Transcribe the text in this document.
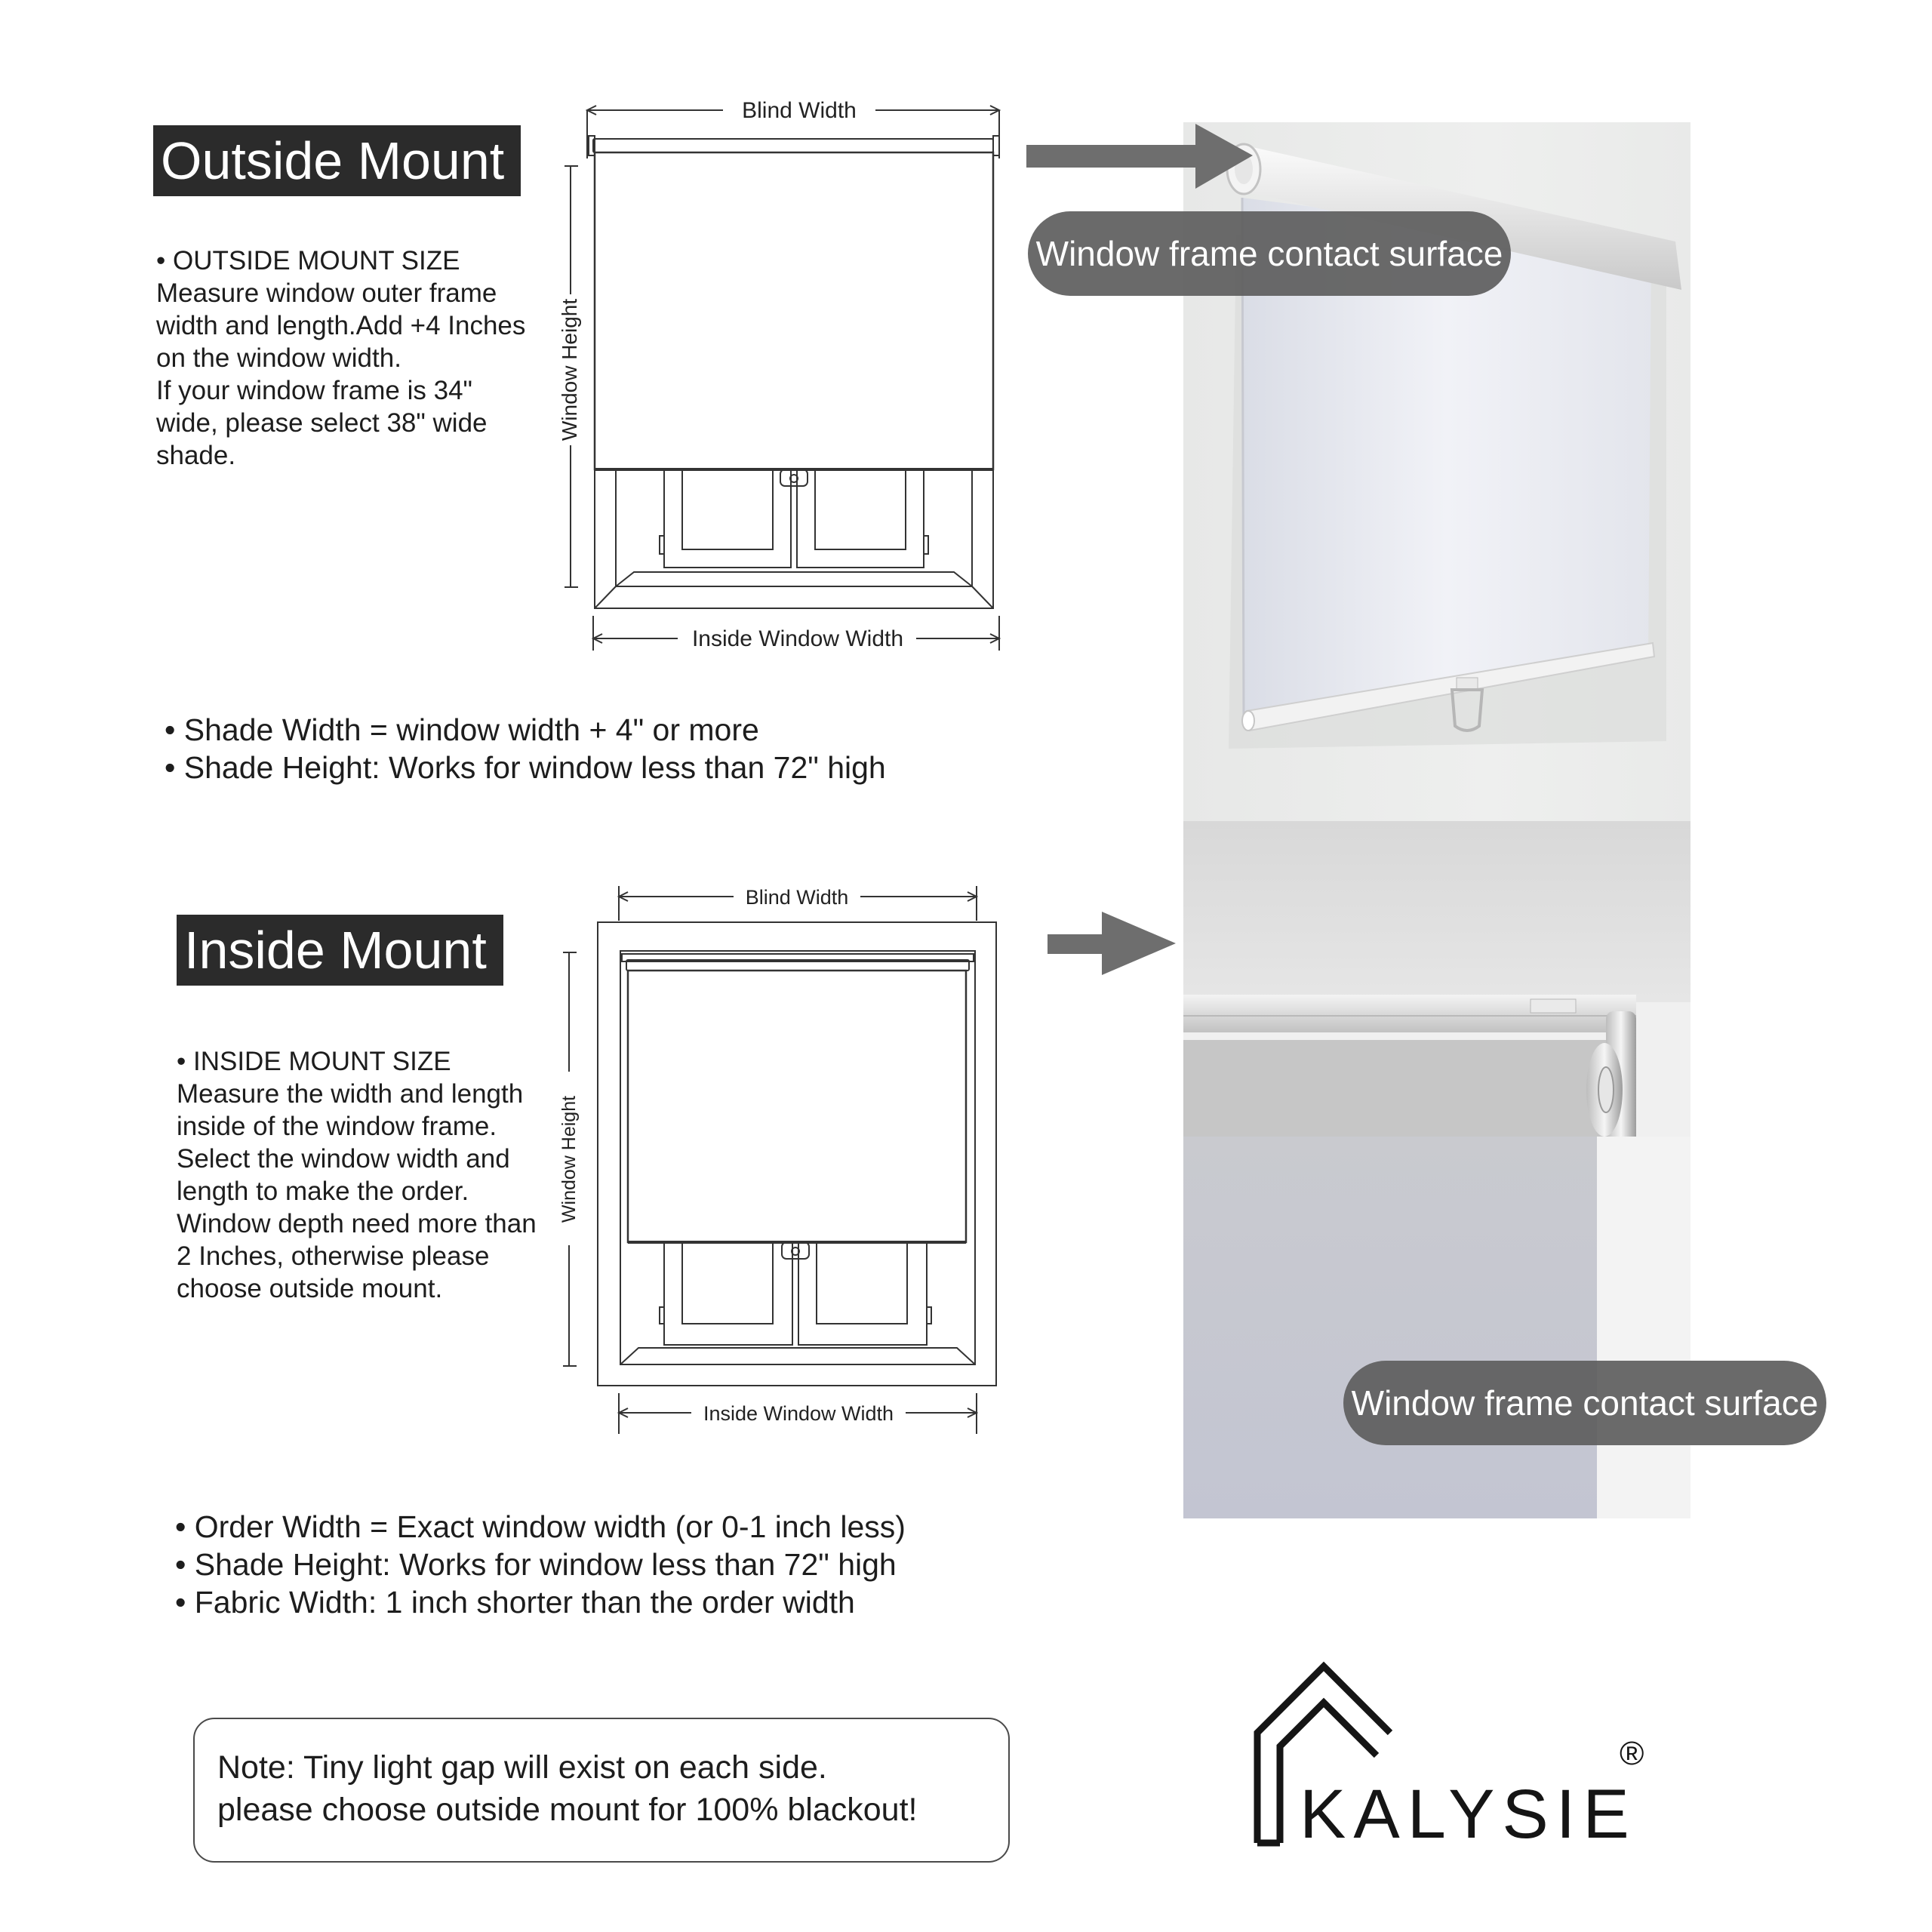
Outside Mount

• OUTSIDE MOUNT SIZE

Measure window outer frame

width and length.Add +4 Inches

on the window width.

If your window frame is 34"

wide, please select 38" wide

shade.

Blind Width
Window Height
Inside Window Width

• Shade Width = window width + 4" or more

• Shade Height: Works for window less than 72" high

Window frame contact surface
Inside Mount

• INSIDE MOUNT SIZE

Measure the width and length

inside of the window frame.

Select the window width and

length to make the order.

Window depth need more than

2 Inches, otherwise please

choose outside mount.

Blind Width
Window Height
Inside Window Width

• Order Width = Exact window width (or 0-1 inch less)

• Shade Height: Works for window less than 72" high

• Fabric Width: 1 inch shorter than the order width

Window frame contact surface

Note: Tiny light gap will exist on each side.

please choose outside mount for 100% blackout!	KALYSIE
®
